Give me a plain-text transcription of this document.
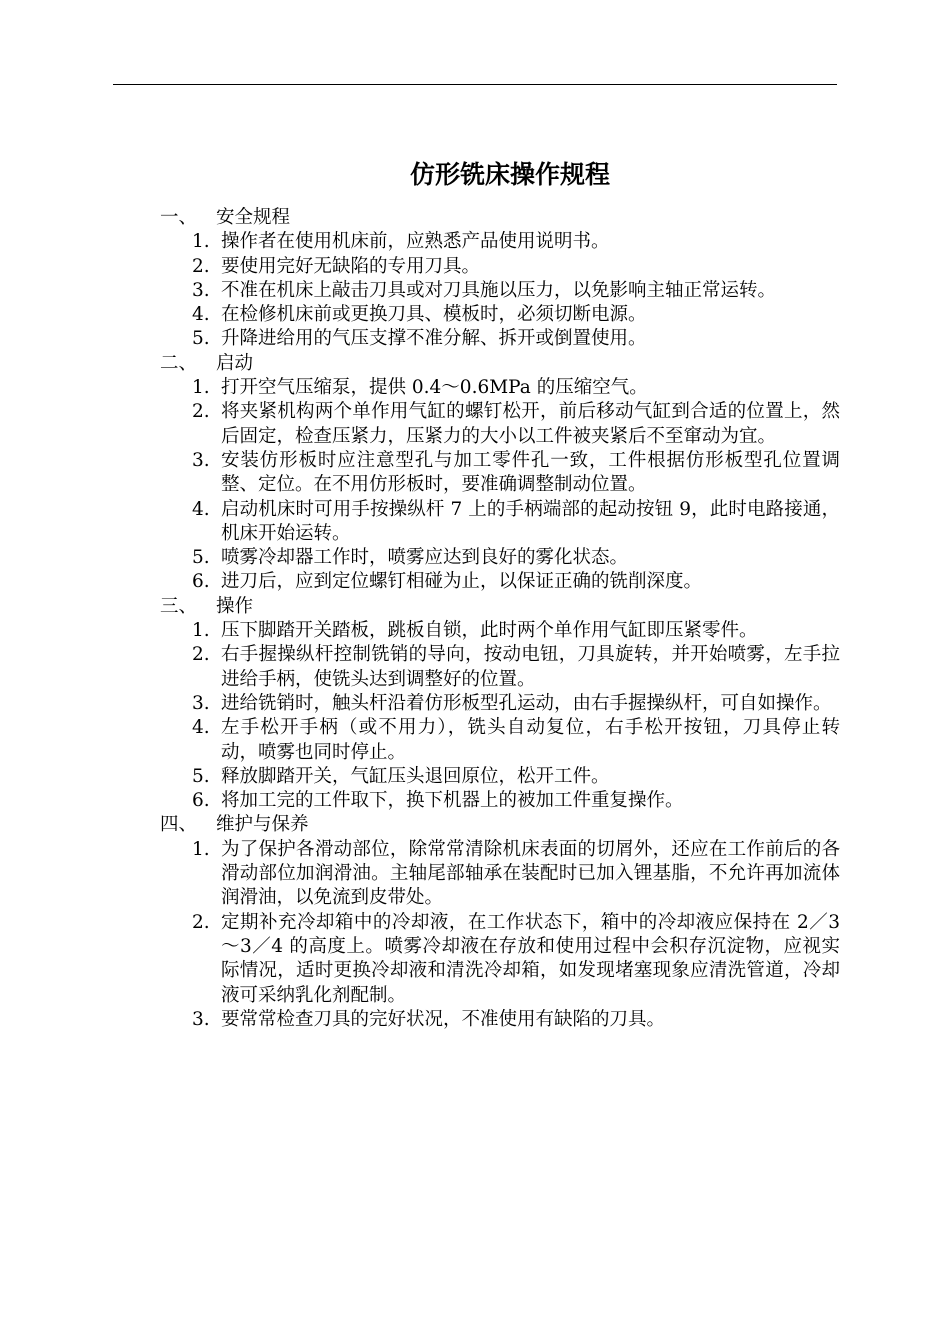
仿形铣床操作规程
一、 安全规程
1. 操作者在使用机床前，应熟悉产品使用说明书。
2. 要使用完好无缺陷的专用刀具。
3. 不准在机床上敲击刀具或对刀具施以压力，以免影响主轴正常运转。
4. 在检修机床前或更换刀具、模板时，必须切断电源。
5. 升降进给用的气压支撑不准分解、拆开或倒置使用。
二、 启动
1. 打开空气压缩泵，提供 0.4～0.6MPa 的压缩空气。
2. 将夹紧机构两个单作用气缸的螺钉松开，前后移动气缸到合适的位置上，然后固定，检查压紧力，压紧力的大小以工件被夹紧后不至窜动为宜。
3. 安装仿形板时应注意型孔与加工零件孔一致，工件根据仿形板型孔位置调整、定位。在不用仿形板时，要准确调整制动位置。
4. 启动机床时可用手按操纵杆 7 上的手柄端部的起动按钮 9，此时电路接通，机床开始运转。
5. 喷雾冷却器工作时，喷雾应达到良好的雾化状态。
6. 进刀后，应到定位螺钉相碰为止，以保证正确的铣削深度。
三、 操作
1. 压下脚踏开关踏板，跳板自锁，此时两个单作用气缸即压紧零件。
2. 右手握操纵杆控制铣销的导向，按动电钮，刀具旋转，并开始喷雾，左手拉进给手柄，使铣头达到调整好的位置。
3. 进给铣销时，触头杆沿着仿形板型孔运动，由右手握操纵杆，可自如操作。
4. 左手松开手柄（或不用力），铣头自动复位，右手松开按钮，刀具停止转动，喷雾也同时停止。
5. 释放脚踏开关，气缸压头退回原位，松开工件。
6. 将加工完的工件取下，换下机器上的被加工件重复操作。
四、 维护与保养
1. 为了保护各滑动部位，除常常清除机床表面的切屑外，还应在工作前后的各滑动部位加润滑油。主轴尾部轴承在装配时已加入锂基脂，不允许再加流体润滑油，以免流到皮带处。
2. 定期补充冷却箱中的冷却液，在工作状态下，箱中的冷却液应保持在 2／3～3／4 的高度上。喷雾冷却液在存放和使用过程中会积存沉淀物，应视实际情况，适时更换冷却液和清洗冷却箱，如发现堵塞现象应清洗管道，冷却液可采纳乳化剂配制。
3. 要常常检查刀具的完好状况，不准使用有缺陷的刀具。
